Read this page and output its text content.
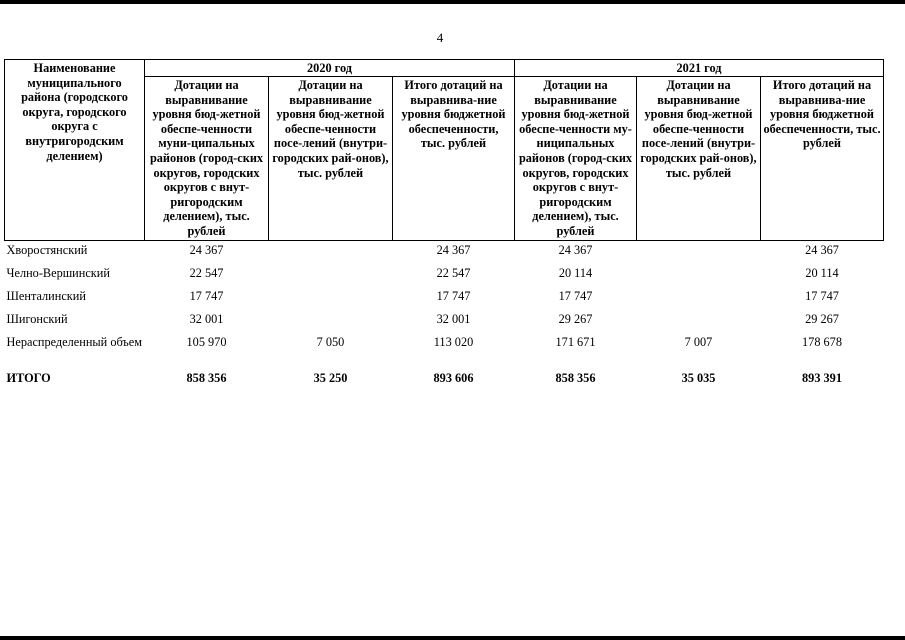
4
Наименование муниципального района (городского округа, городского округа с внутригородским делением)	2020 год			2021 год		
	Дотации на выравнивание уровня бюд-жетной обеспе-ченности муни-ципальных районов (город-ских округов, городских округов с внут-ригородским делением), тыс. рублей	Дотации на выравнивание уровня бюд-жетной обеспе-ченности посе-лений (внутри-городских рай-онов), тыс. рублей	Итого дотаций на выравнива-ние уровня бюджетной обеспеченности, тыс. рублей	Дотации на выравнивание уровня бюд-жетной обеспе-ченности му-ниципальных районов (город-ских округов, городских округов с внут-ригородским делением), тыс. рублей	Дотации на выравнивание уровня бюд-жетной обеспе-ченности посе-лений (внутри-городских рай-онов), тыс. рублей	Итого дотаций на выравнива-ние уровня бюджетной обеспеченности, тыс. рублей
Хворостянский	24 367		24 367	24 367		24 367
Челно-Вершинский	22 547		22 547	20 114		20 114
Шенталинский	17 747		17 747	17 747		17 747
Шигонский	32 001		32 001	29 267		29 267
Нераспределенный объем	105 970	7 050	113 020	171 671	7 007	178 678
ИТОГО	858 356	35 250	893 606	858 356	35 035	893 391
